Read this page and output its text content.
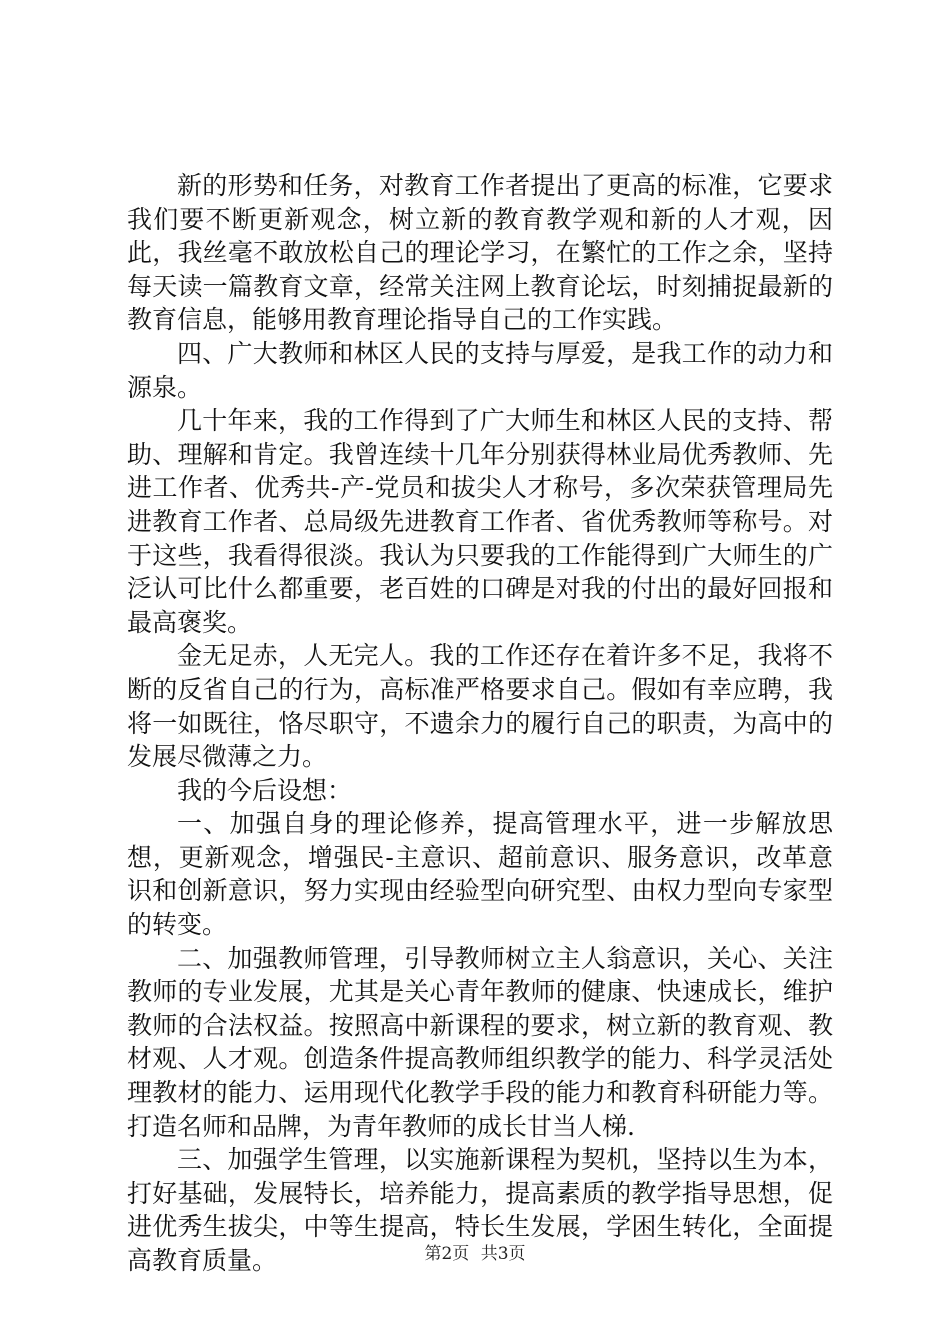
新的形势和任务，对教育工作者提出了更高的标准，它要求我们要不断更新观念，树立新的教育教学观和新的人才观，因此，我丝毫不敢放松自己的理论学习，在繁忙的工作之余，坚持每天读一篇教育文章，经常关注网上教育论坛，时刻捕捉最新的教育信息，能够用教育理论指导自己的工作实践。

四、广大教师和林区人民的支持与厚爱，是我工作的动力和源泉。

几十年来，我的工作得到了广大师生和林区人民的支持、帮助、理解和肯定。我曾连续十几年分别获得林业局优秀教师、先进工作者、优秀共-产-党员和拔尖人才称号，多次荣获管理局先进教育工作者、总局级先进教育工作者、省优秀教师等称号。对于这些，我看得很淡。我认为只要我的工作能得到广大师生的广泛认可比什么都重要，老百姓的口碑是对我的付出的最好回报和最高褒奖。

金无足赤，人无完人。我的工作还存在着许多不足，我将不断的反省自己的行为，高标准严格要求自己。假如有幸应聘，我将一如既往，恪尽职守，不遗余力的履行自己的职责，为高中的发展尽微薄之力。

我的今后设想：

一、加强自身的理论修养，提高管理水平，进一步解放思想，更新观念，增强民-主意识、超前意识、服务意识，改革意识和创新意识，努力实现由经验型向研究型、由权力型向专家型的转变。

二、加强教师管理，引导教师树立主人翁意识，关心、关注教师的专业发展，尤其是关心青年教师的健康、快速成长，维护教师的合法权益。按照高中新课程的要求，树立新的教育观、教材观、人才观。创造条件提高教师组织教学的能力、科学灵活处理教材的能力、运用现代化教学手段的能力和教育科研能力等。打造名师和品牌，为青年教师的成长甘当人梯.

三、加强学生管理，以实施新课程为契机，坚持以生为本，打好基础，发展特长，培养能力，提高素质的教学指导思想，促进优秀生拔尖，中等生提高，特长生发展，学困生转化，全面提高教育质量。	第2页 共3页
